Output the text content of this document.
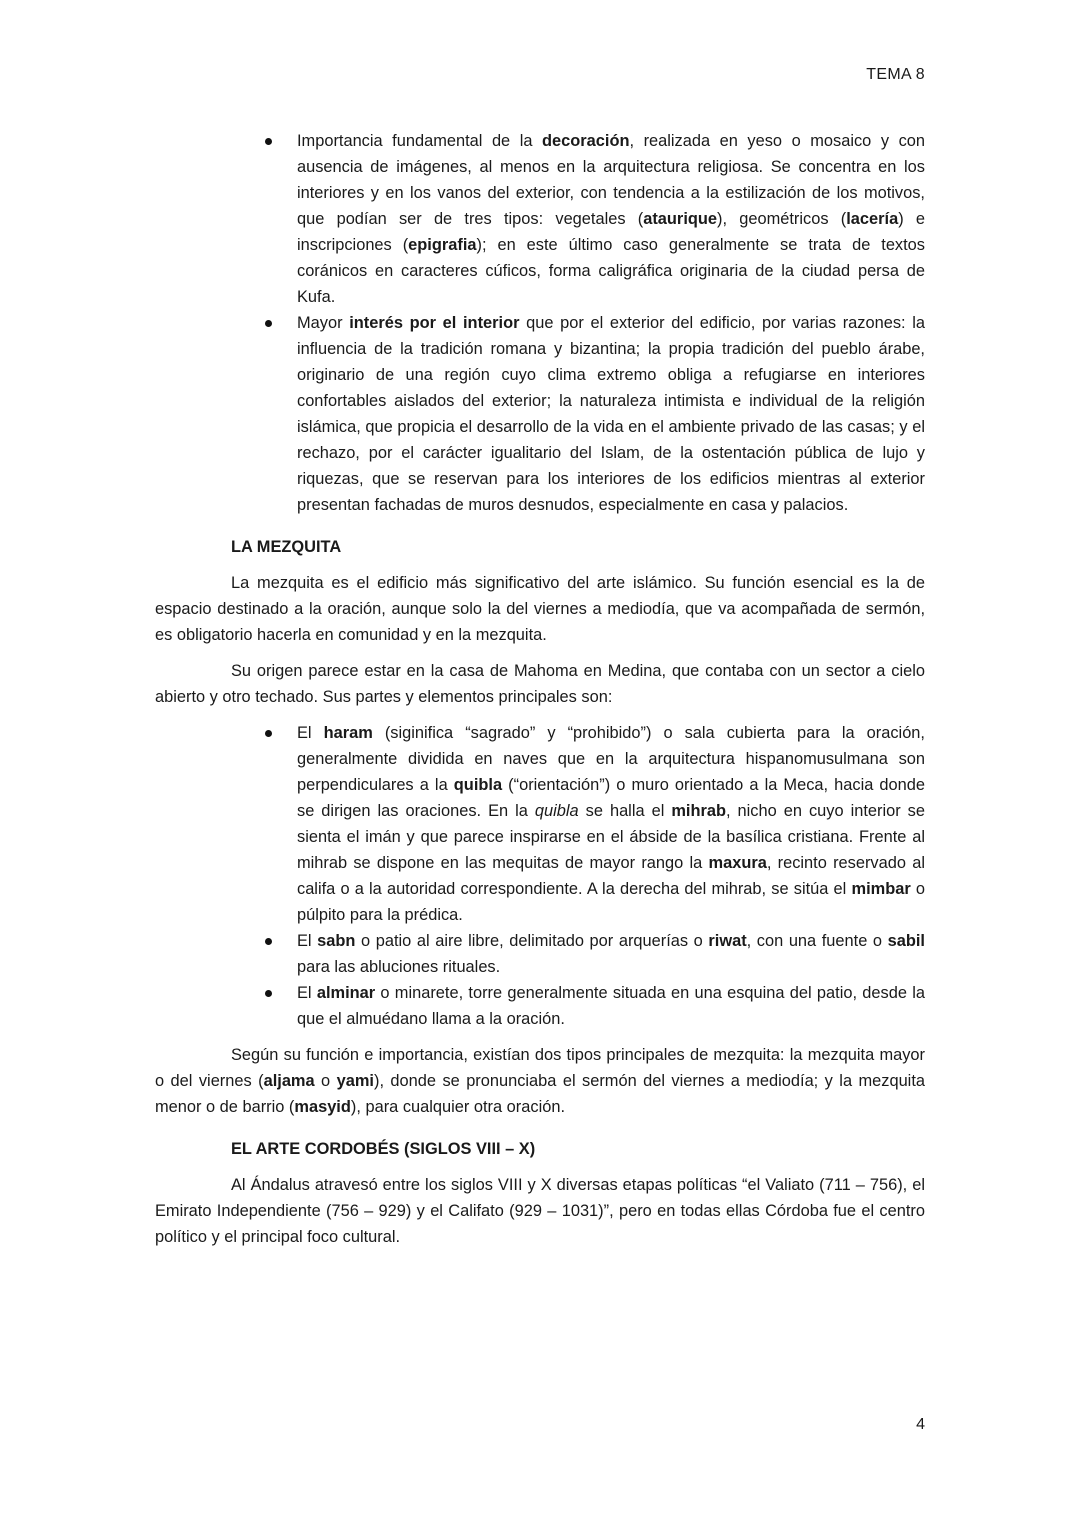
TEMA 8
Importancia fundamental de la decoración, realizada en yeso o mosaico y con ausencia de imágenes, al menos en la arquitectura religiosa. Se concentra en los interiores y en los vanos del exterior, con tendencia a la estilización de los motivos, que podían ser de tres tipos: vegetales (ataurique), geométricos (lacería) e inscripciones (epigrafia); en este último caso generalmente se trata de textos coránicos en caracteres cúficos, forma caligráfica originaria de la ciudad persa de Kufa.
Mayor interés por el interior que por el exterior del edificio, por varias razones: la influencia de la tradición romana y bizantina; la propia tradición del pueblo árabe, originario de una región cuyo clima extremo obliga a refugiarse en interiores confortables aislados del exterior; la naturaleza intimista e individual de la religión islámica, que propicia el desarrollo de la vida en el ambiente privado de las casas; y el rechazo, por el carácter igualitario del Islam, de la ostentación pública de lujo y riquezas, que se reservan para los interiores de los edificios mientras al exterior presentan fachadas de muros desnudos, especialmente en casa y palacios.
LA MEZQUITA

La mezquita es el edificio más significativo del arte islámico. Su función esencial es la de espacio destinado a la oración, aunque solo la del viernes a mediodía, que va acompañada de sermón, es obligatorio hacerla en comunidad y en la mezquita.

Su origen parece estar en la casa de Mahoma en Medina, que contaba con un sector a cielo abierto y otro techado. Sus partes y elementos principales son:

El haram (siginifica “sagrado” y “prohibido”) o sala cubierta para la oración, generalmente dividida en naves que en la arquitectura hispanomusulmana son perpendiculares a la quibla (“orientación”) o muro orientado a la Meca, hacia donde se dirigen las oraciones. En la quibla se halla el mihrab, nicho en cuyo interior se sienta el imán y que parece inspirarse en el ábside de la basílica cristiana. Frente al mihrab se dispone en las mequitas de mayor rango la maxura, recinto reservado al califa o a la autoridad correspondiente. A la derecha del mihrab, se sitúa el mimbar o púlpito para la prédica.
El sabn o patio al aire libre, delimitado por arquerías o riwat, con una fuente o sabil para las abluciones rituales.
El alminar o minarete, torre generalmente situada en una esquina del patio, desde la que el almuédano llama a la oración.

Según su función e importancia, existían dos tipos principales de mezquita: la mezquita mayor o del viernes (aljama o yami), donde se pronunciaba el sermón del viernes a mediodía; y la mezquita menor o de barrio (masyid), para cualquier otra oración.

EL ARTE CORDOBÉS (SIGLOS VIII – X)

Al Ándalus atravesó entre los siglos VIII y X diversas etapas políticas “el Valiato (711 – 756), el Emirato Independiente (756 – 929) y el Califato (929 – 1031)”, pero en todas ellas Córdoba fue el centro político y el principal foco cultural.

4
